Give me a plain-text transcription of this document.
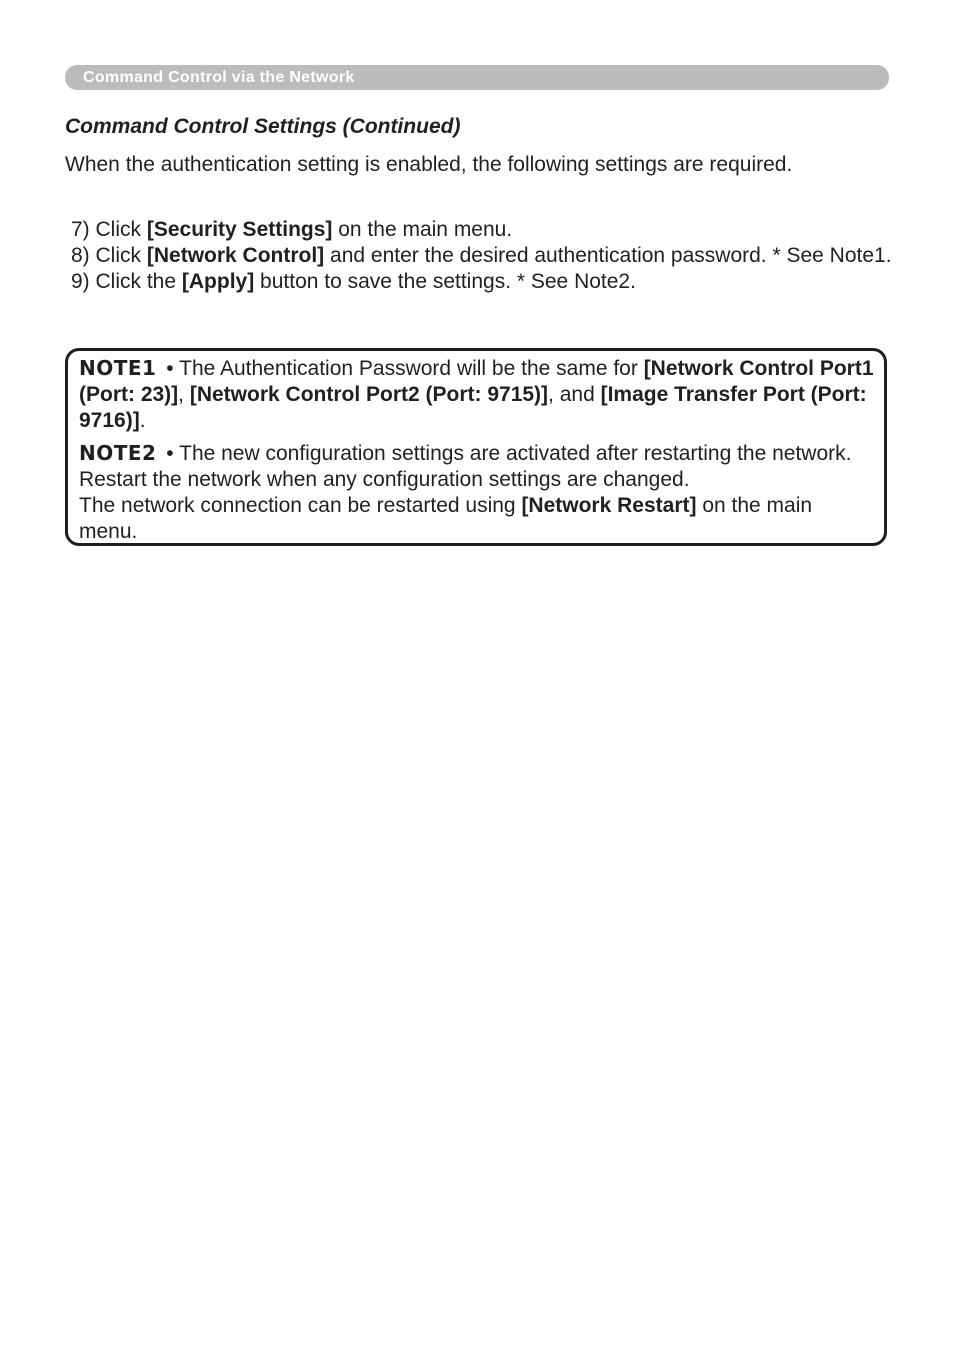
Command Control via the Network
Command Control Settings (Continued)
When the authentication setting is enabled, the following settings are required.
7) Click [Security Settings] on the main menu.
8) Click [Network Control] and enter the desired authentication password. * See Note1.
9) Click the [Apply] button to save the settings. * See Note2.

NOTE1 • The Authentication Password will be the same for [Network Control Port1 (Port: 23)], [Network Control Port2 (Port: 9715)], and [Image Transfer Port (Port: 9716)].

NOTE2 • The new configuration settings are activated after restarting the network. Restart the network when any configuration settings are changed.
The network connection can be restarted using [Network Restart] on the main menu.
